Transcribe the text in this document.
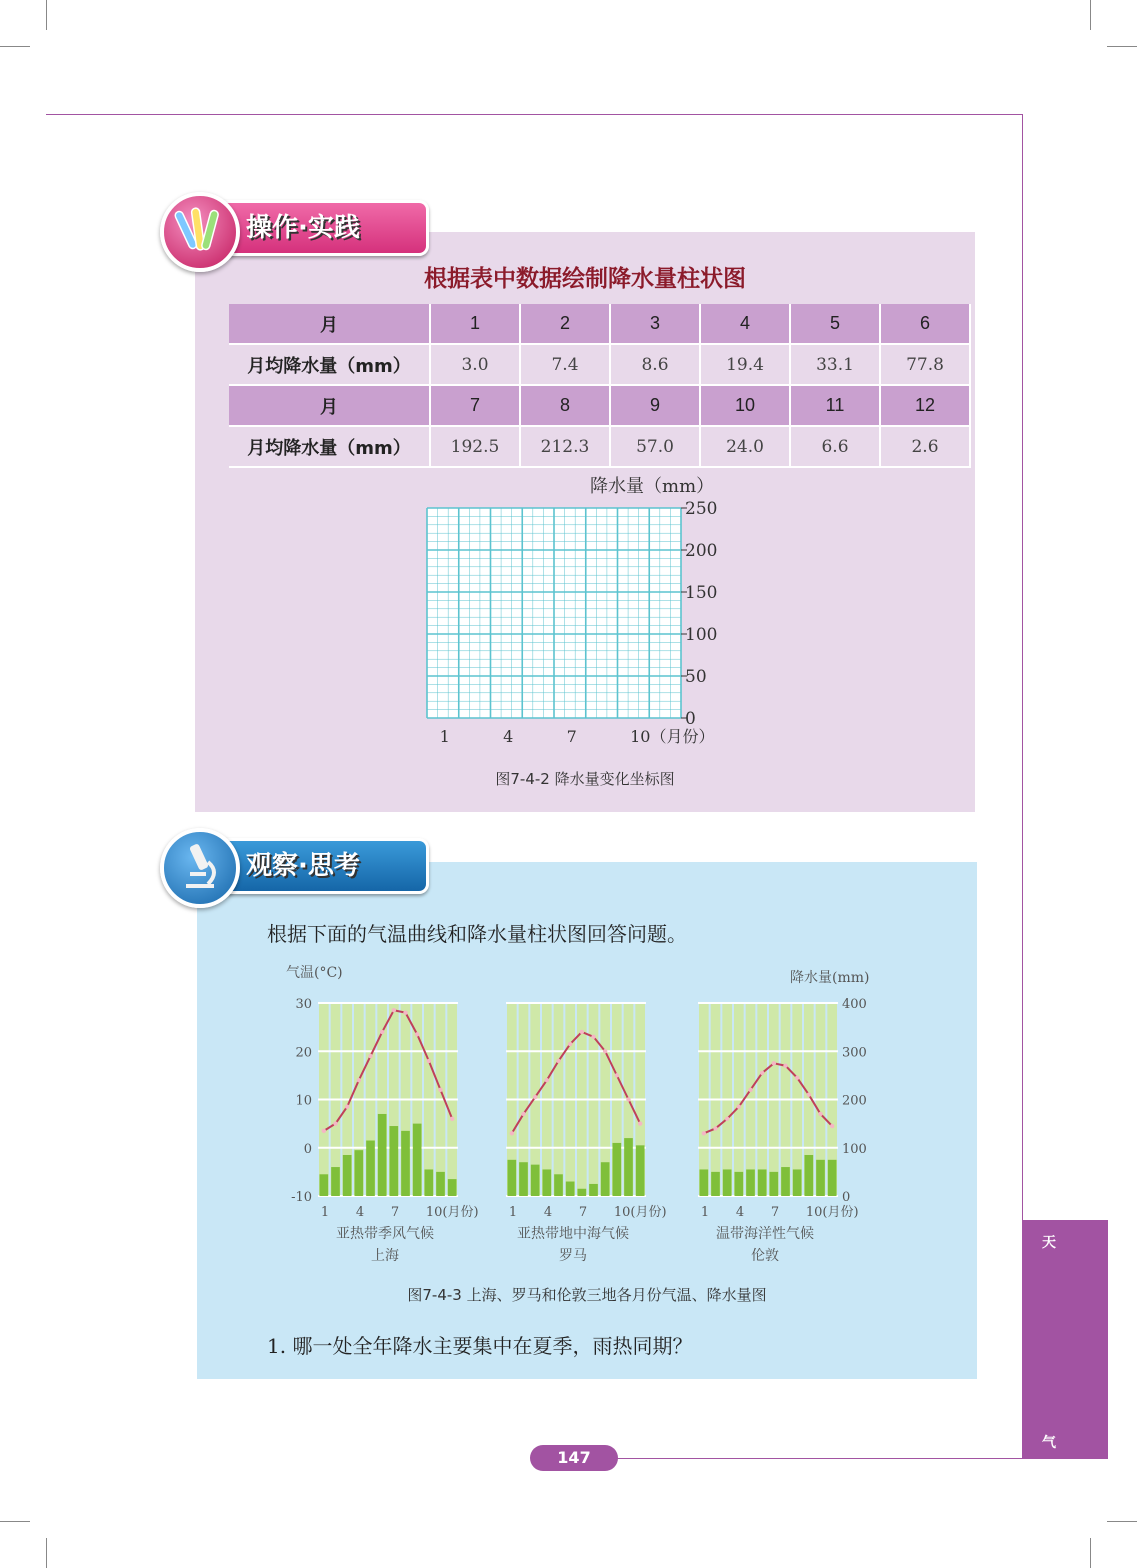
操作·实践
根据表中数据绘制降水量柱状图
月	1	2	3	4	5	6
月均降水量（mm）	3.0	7.4	8.6	19.4	33.1	77.8
月	7	8	9	10	11	12
月均降水量（mm）	192.5	212.3	57.0	24.0	6.6	2.6
降水量（mm）
250
200
150
100
50
0
1	4	7	10（月份）
图7-4-2 降水量变化坐标图
观察·思考
根据下面的气温曲线和降水量柱状图回答问题。
气温(°C)	降水量(mm)
30
20
10
0
-10
400
300
200
100
0
1 4 7 10(月份)
亚热带季风气候
上海
1 4 7 10(月份)
亚热带地中海气候
罗马
1 4 7 10(月份)
温带海洋性气候
伦敦
图7-4-3 上海、罗马和伦敦三地各月份气温、降水量图
1. 哪一处全年降水主要集中在夏季，雨热同期？
天
气
147
